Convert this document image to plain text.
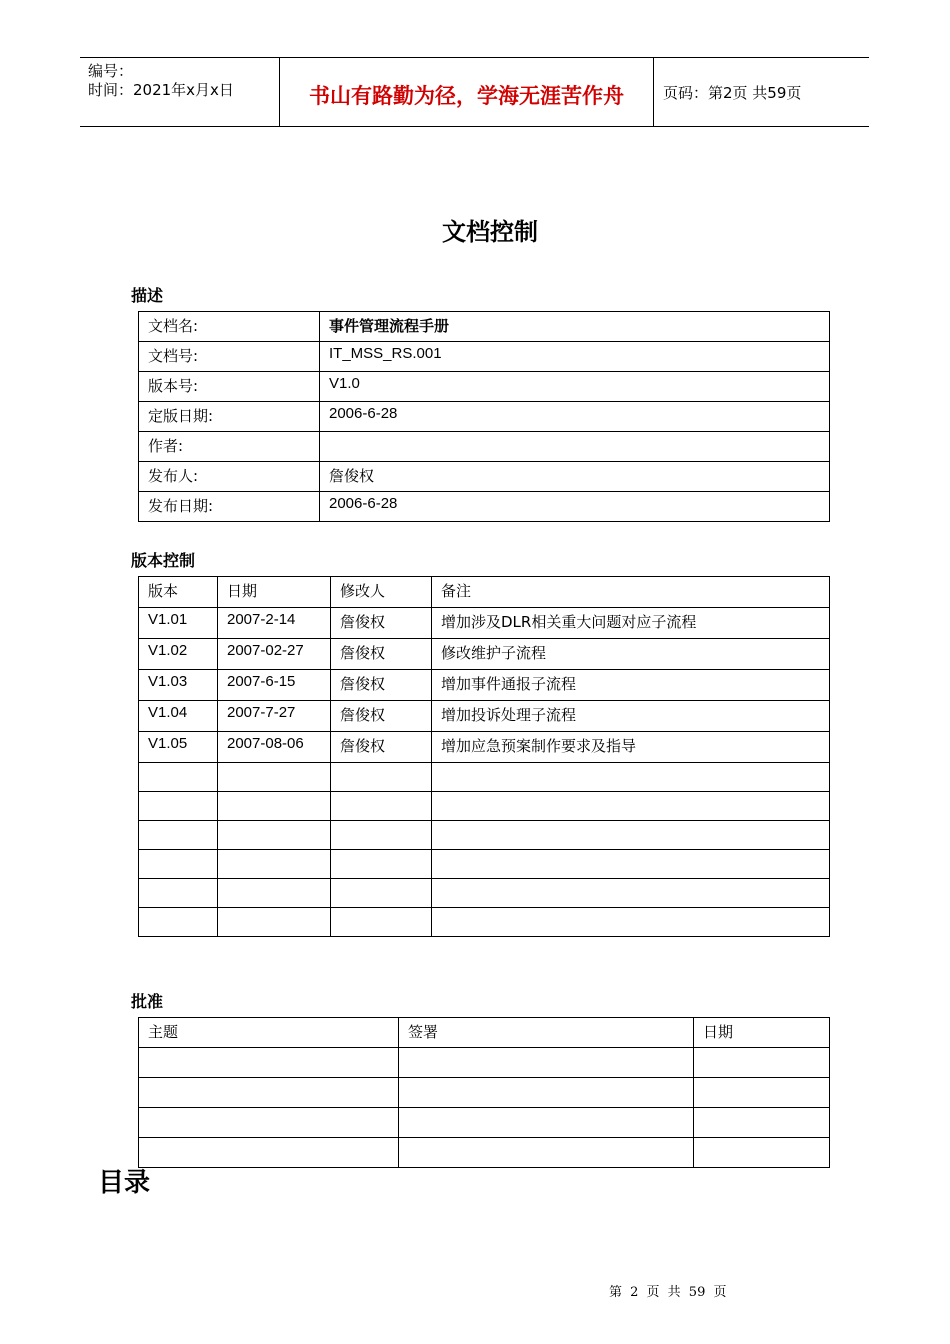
编号：
时间：2021年x月x日	书山有路勤为径，学海无涯苦作舟	页码：第2页 共59页
文档控制
描述
文档名:	事件管理流程手册
文档号:	IT_MSS_RS.001
版本号:	V1.0
定版日期:	2006-6-28
作者:	
发布人:	詹俊权
发布日期:	2006-6-28
版本控制
版本	日期	修改人	备注
V1.01	2007-2-14	詹俊权	增加涉及DLR相关重大问题对应子流程
V1.02	2007-02-27	詹俊权	修改维护子流程
V1.03	2007-6-15	詹俊权	增加事件通报子流程
V1.04	2007-7-27	詹俊权	增加投诉处理子流程
V1.05	2007-08-06	詹俊权	增加应急预案制作要求及指导

批准
主题	签署	日期

目录
第 2 页 共 59 页
